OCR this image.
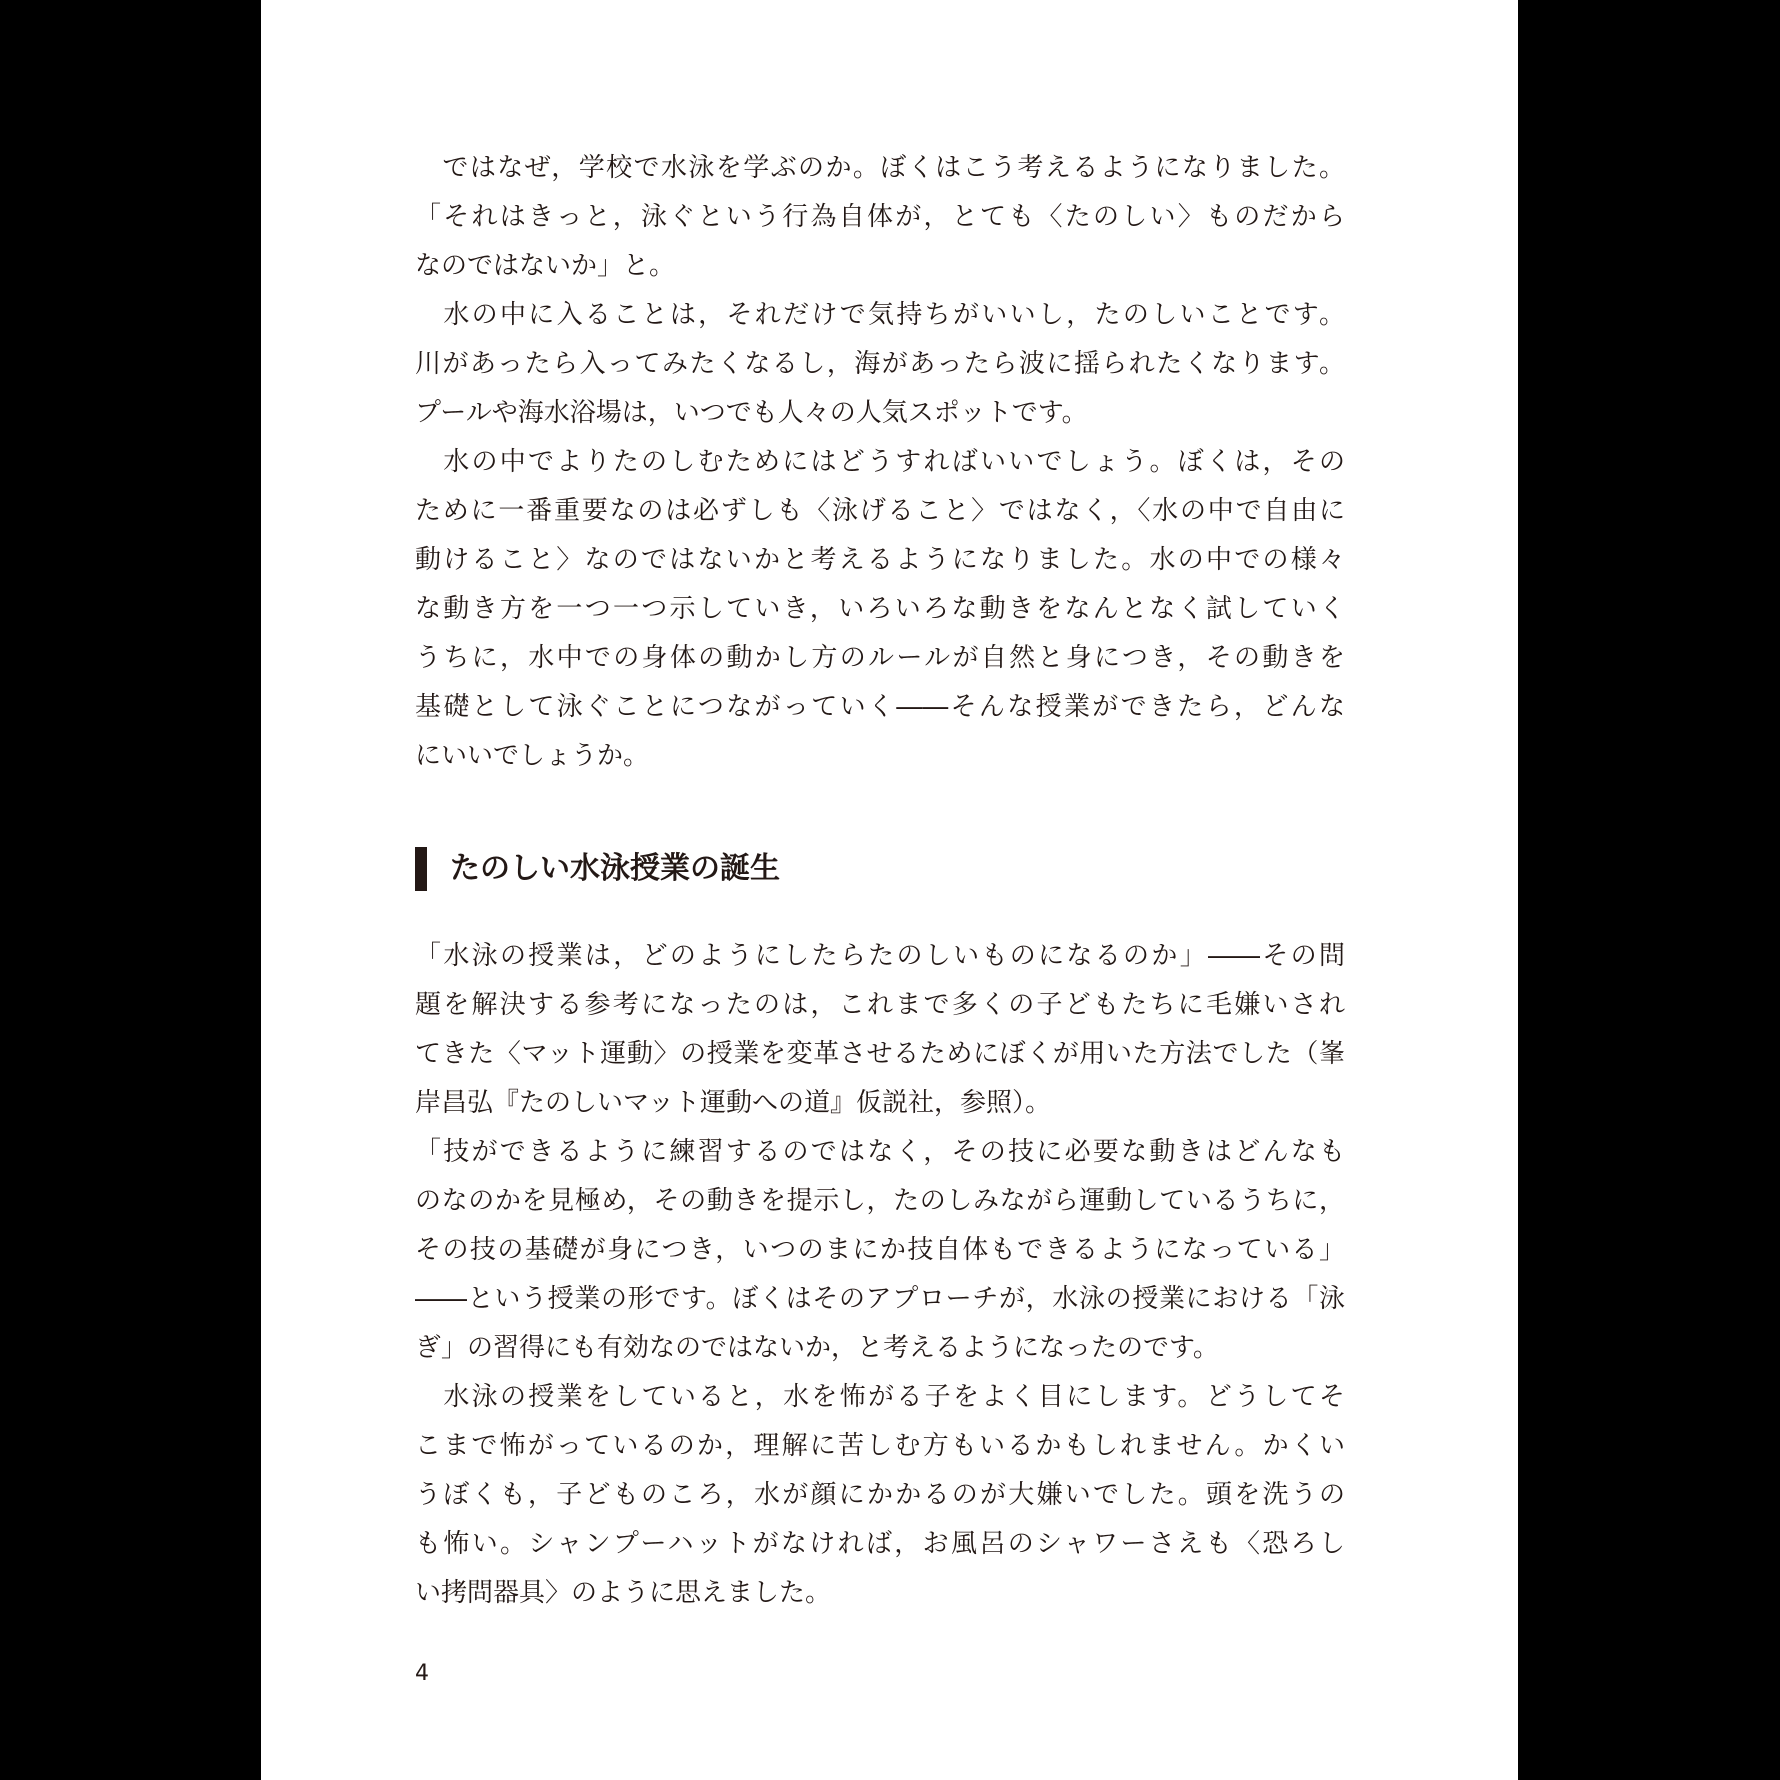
　ではなぜ，学校で水泳を学ぶのか。ぼくはこう考えるようになりました。
「それはきっと，泳ぐという行為自体が，とても〈たのしい〉ものだから
なのではないか」と。
　水の中に入ることは，それだけで気持ちがいいし，たのしいことです。
川があったら入ってみたくなるし，海があったら波に揺られたくなります。
プールや海水浴場は，いつでも人々の人気スポットです。
　水の中でよりたのしむためにはどうすればいいでしょう。ぼくは，その
ために一番重要なのは必ずしも〈泳げること〉ではなく，〈水の中で自由に
動けること〉なのではないかと考えるようになりました。水の中での様々
な動き方を一つ一つ示していき，いろいろな動きをなんとなく試していく
うちに，水中での身体の動かし方のルールが自然と身につき，その動きを
基礎として泳ぐことにつながっていく――そんな授業ができたら，どんな
にいいでしょうか。
たのしい水泳授業の誕生
「水泳の授業は，どのようにしたらたのしいものになるのか」――その問
題を解決する参考になったのは，これまで多くの子どもたちに毛嫌いされ
てきた〈マット運動〉の授業を変革させるためにぼくが用いた方法でした（峯
岸昌弘『たのしいマット運動への道』仮説社，参照）。
「技ができるように練習するのではなく，その技に必要な動きはどんなも
のなのかを見極め，その動きを提示し，たのしみながら運動しているうちに，
その技の基礎が身につき，いつのまにか技自体もできるようになっている」
――という授業の形です。ぼくはそのアプローチが，水泳の授業における「泳
ぎ」の習得にも有効なのではないか，と考えるようになったのです。
　水泳の授業をしていると，水を怖がる子をよく目にします。どうしてそ
こまで怖がっているのか，理解に苦しむ方もいるかもしれません。かくい
うぼくも，子どものころ，水が顔にかかるのが大嫌いでした。頭を洗うの
も怖い。シャンプーハットがなければ，お風呂のシャワーさえも〈恐ろし
い拷問器具〉のように思えました。
4
